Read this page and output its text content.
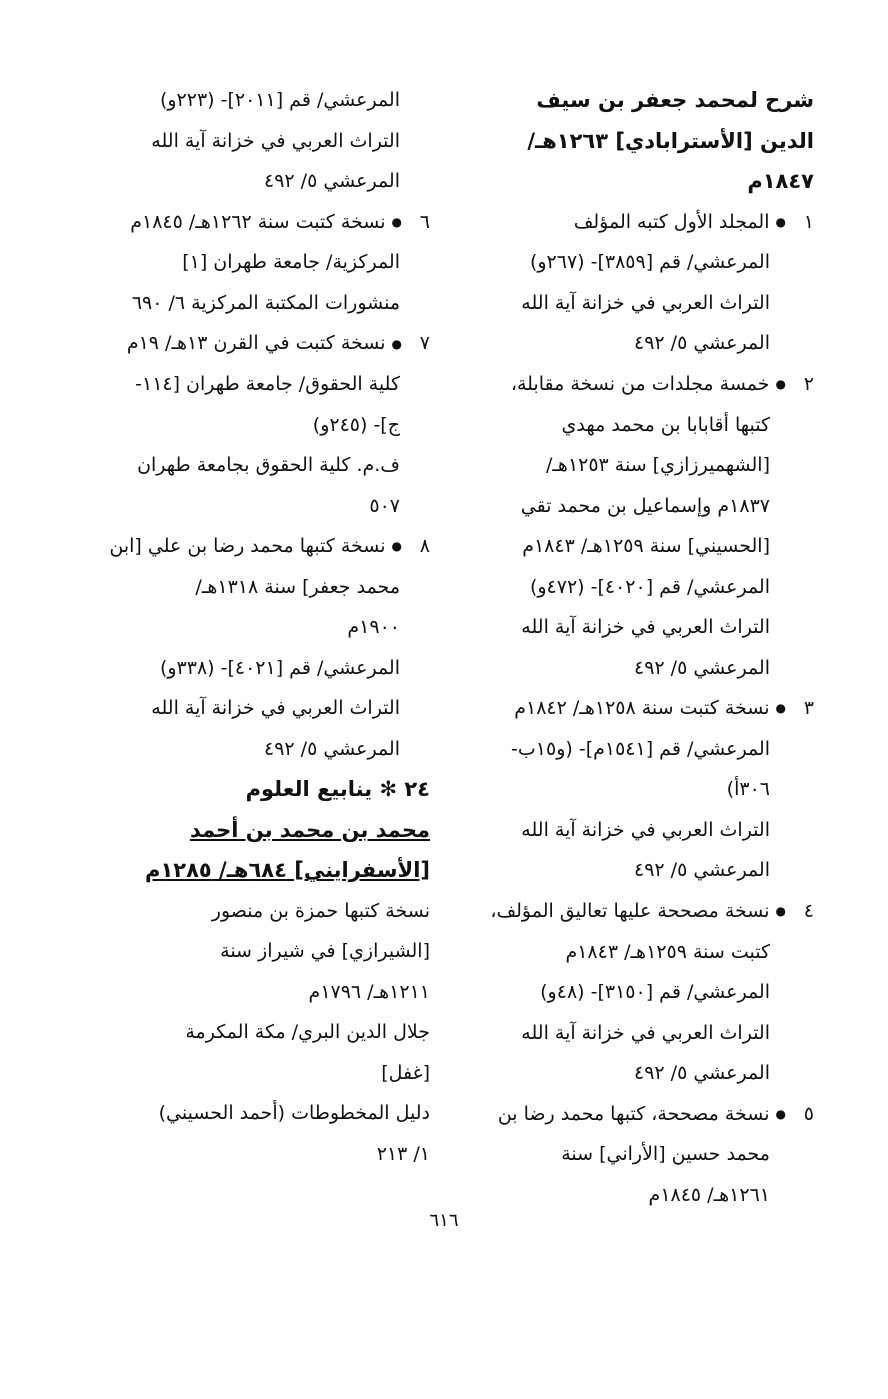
شرح لمحمد جعفر بن سيف
الدين [الأسترابادي] ١٢٦٣هـ/
١٨٤٧م
١●المجلد الأول كتبه المؤلف
المرعشي/ قم [٣٨٥٩]- (٢٦٧و)
التراث العربي في خزانة آية الله
المرعشي ٥/ ٤٩٢
٢●خمسة مجلدات من نسخة مقابلة،
كتبها أقابابا بن محمد مهدي
[الشهميرزازي] سنة ١٢٥٣هـ/
١٨٣٧م وإسماعيل بن محمد تقي
[الحسيني] سنة ١٢٥٩هـ/ ١٨٤٣م
المرعشي/ قم [٤٠٢٠]- (٤٧٢و)
التراث العربي في خزانة آية الله
المرعشي ٥/ ٤٩٢
٣●نسخة كتبت سنة ١٢٥٨هـ/ ١٨٤٢م
المرعشي/ قم [١٥٤١م]- (و١٥ب-
٣٠٦أ)
التراث العربي في خزانة آية الله
المرعشي ٥/ ٤٩٢
٤●نسخة مصححة عليها تعاليق المؤلف،
كتبت سنة ١٢٥٩هـ/ ١٨٤٣م
المرعشي/ قم [٣١٥٠]- (٤٨و)
التراث العربي في خزانة آية الله
المرعشي ٥/ ٤٩٢
٥●نسخة مصححة، كتبها محمد رضا بن
محمد حسين [الأراني] سنة
١٢٦١هـ/ ١٨٤٥م
المرعشي/ قم [٢٠١١]- (٢٢٣و)
التراث العربي في خزانة آية الله
المرعشي ٥/ ٤٩٢
٦●نسخة كتبت سنة ١٢٦٢هـ/ ١٨٤٥م
المركزية/ جامعة طهران [١]
منشورات المكتبة المركزية ٦/ ٦٩٠
٧●نسخة كتبت في القرن ١٣هـ/ ١٩م
كلية الحقوق/ جامعة طهران [١١٤-
ج]- (٢٤٥و)
ف.م. كلية الحقوق بجامعة طهران
٥٠٧
٨●نسخة كتبها محمد رضا بن علي [ابن
محمد جعفر] سنة ١٣١٨هـ/
١٩٠٠م
المرعشي/ قم [٤٠٢١]- (٣٣٨و)
التراث العربي في خزانة آية الله
المرعشي ٥/ ٤٩٢
٢٤ ✻ ينابيع العلوم
محمد بن محمد بن أحمد
[الأسفرايني] ٦٨٤هـ/ ١٢٨٥م
نسخة كتبها حمزة بن منصور
[الشيرازي] في شيراز سنة
١٢١١هـ/ ١٧٩٦م
جلال الدين البري/ مكة المكرمة
[غفل]
دليل المخطوطات (أحمد الحسيني)
١/ ٢١٣
٦١٦
